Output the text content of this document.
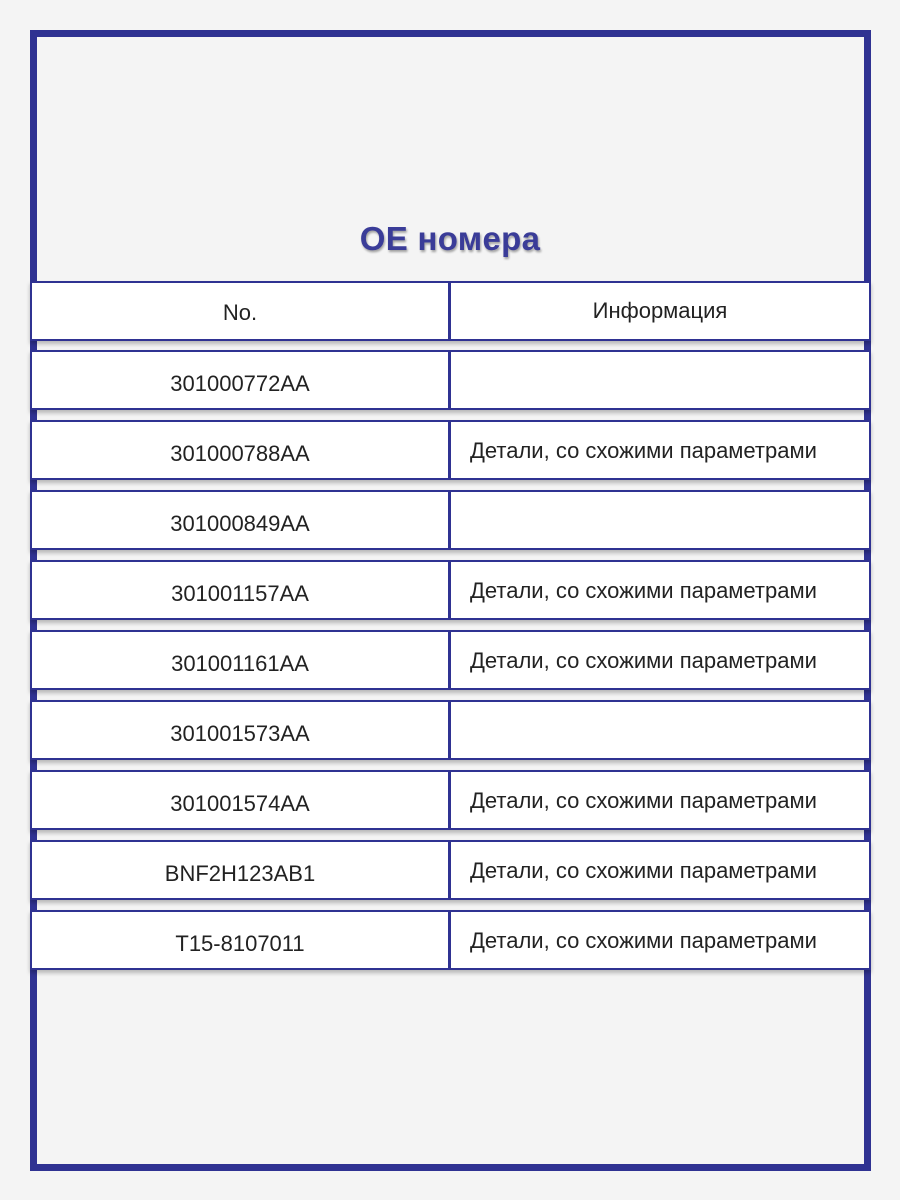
OE номера
No.	Информация
301000772AA
301000788AA	Детали, со схожими параметрами
301000849AA
301001157AA	Детали, со схожими параметрами
301001161AA	Детали, со схожими параметрами
301001573AA
301001574AA	Детали, со схожими параметрами
BNF2H123AB1	Детали, со схожими параметрами
T15-8107011	Детали, со схожими параметрами
